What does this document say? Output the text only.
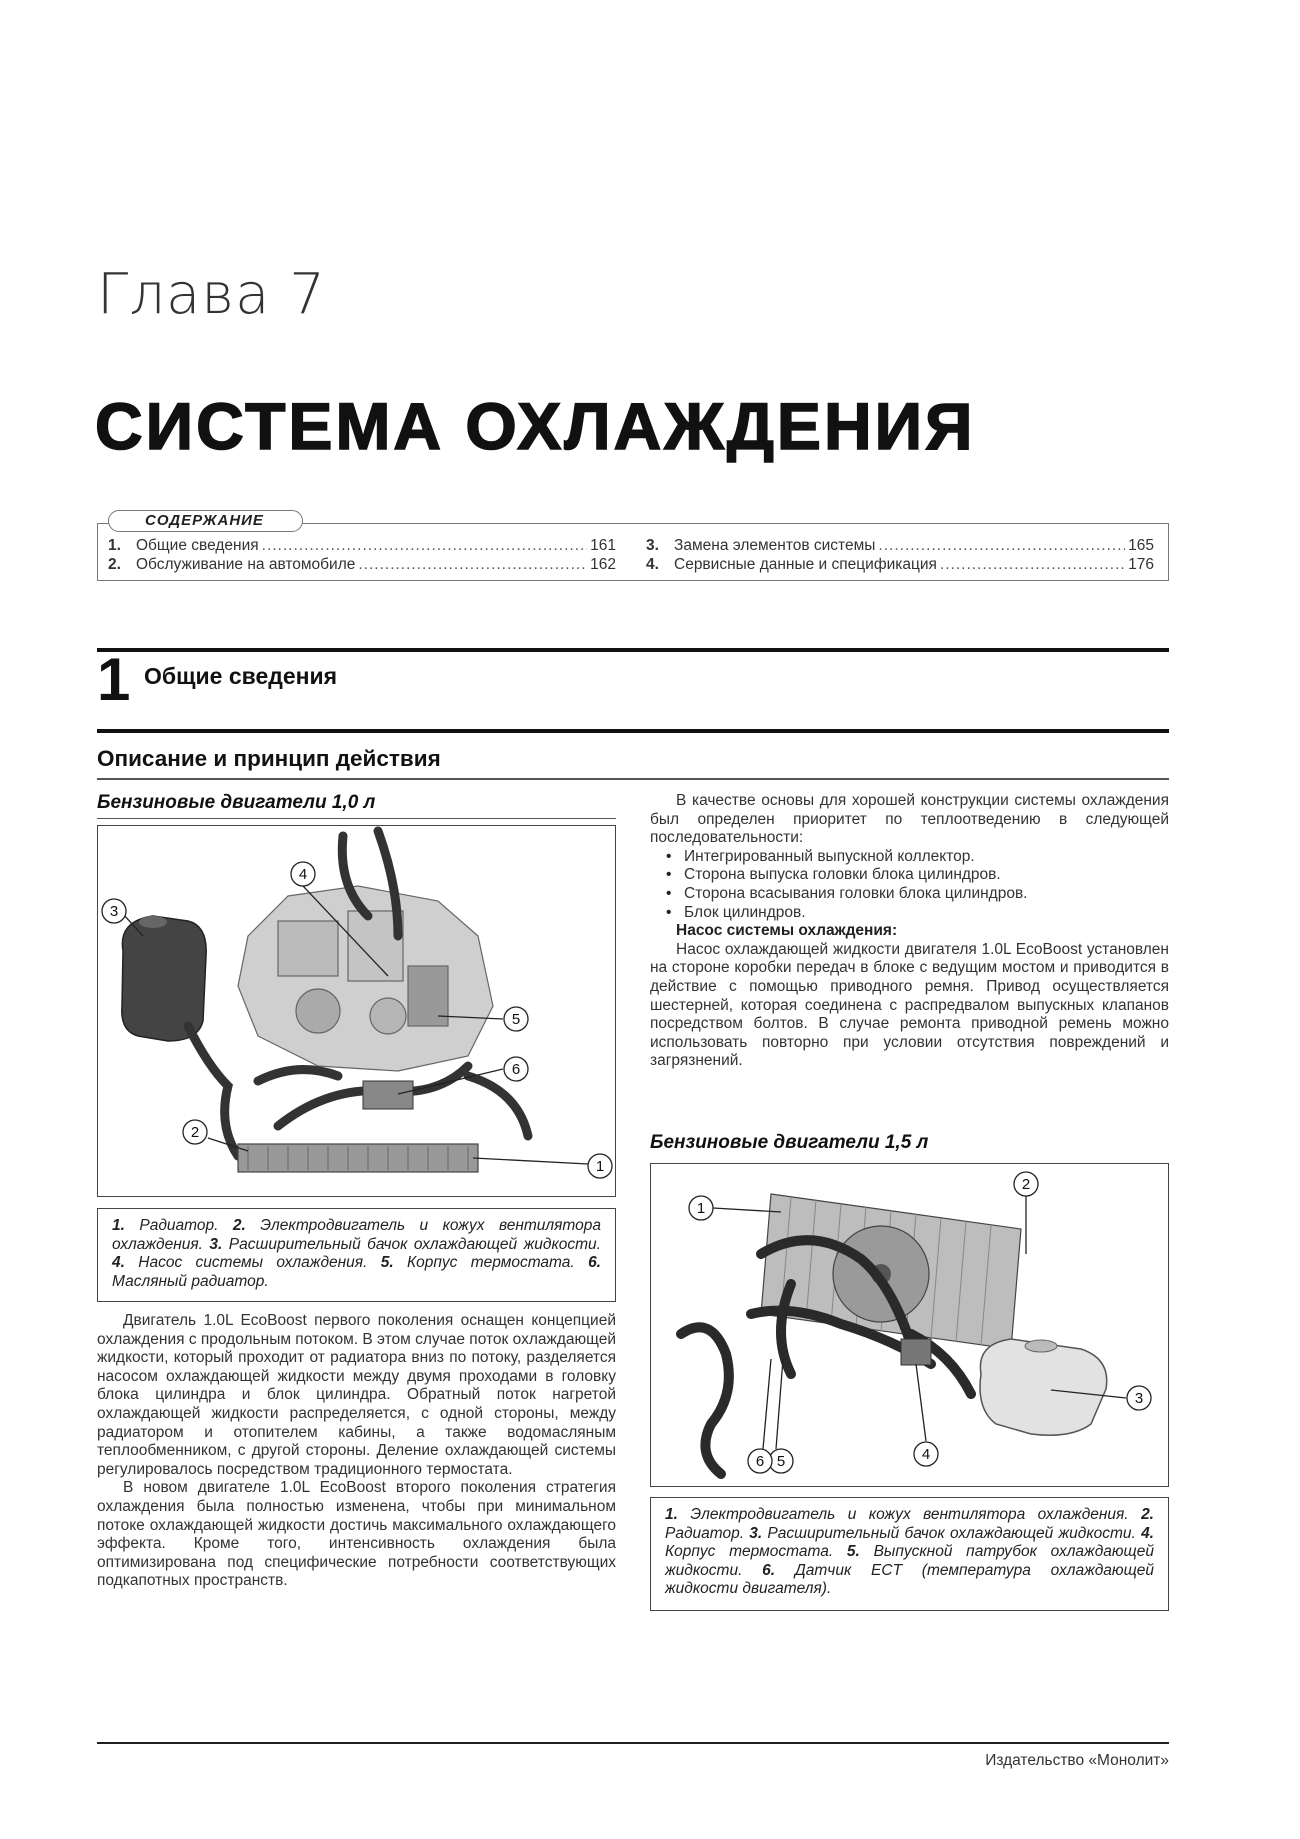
Глава 7
СИСТЕМА ОХЛАЖДЕНИЯ
СОДЕРЖАНИЕ
1. Общие сведения .....	161
2. Обслуживание на автомобиле .....	162
3. Замена элементов системы .....	165
4. Сервисные данные и спецификация .....	176
1 Общие сведения
Описание и принцип действия
Бензиновые двигатели 1,0 л
4
3
5
6
2
1
1. Радиатор. 2. Электродвигатель и кожух вентилятора охлаждения. 3. Расширительный бачок охлаждающей жидкости. 4. Насос системы охлаждения. 5. Корпус термостата. 6. Масляный радиатор.

Двигатель 1.0L EcoBoost первого поколения оснащен концепцией охлаждения с продольным потоком. В этом случае поток охлаждающей жидкости, который проходит от радиатора вниз по потоку, разделяется насосом охлаждающей жидкости между двумя проходами в головку блока цилиндра и блок цилиндра. Обратный поток нагретой охлаждающей жидкости распределяется, с одной стороны, между радиатором и отопителем кабины, а также водомасляным теплообменником, с другой стороны. Деление охлаждающей системы регулировалось посредством традиционного термостата.

В новом двигателе 1.0L EcoBoost второго поколения стратегия охлаждения была полностью изменена, чтобы при минимальном потоке охлаждающей жидкости достичь максимального охлаждающего эффекта. Кроме того, интенсивность охлаждения была оптимизирована под специфические потребности соответствующих подкапотных пространств.

В качестве основы для хорошей конструкции системы охлаждения был определен приоритет по теплоотведению в следующей последовательности:

• Интегрированный выпускной коллектор.
• Сторона выпуска головки блока цилиндров.
• Сторона всасывания головки блока цилиндров.
• Блок цилиндров.

Насос системы охлаждения:

Насос охлаждающей жидкости двигателя 1.0L EcoBoost установлен на стороне коробки передач в блоке с ведущим мостом и приводится в действие с помощью приводного ремня. Привод осуществляется шестерней, которая соединена с распредвалом выпускных клапанов посредством болтов. В случае ремонта приводной ремень можно использовать повторно при условии отсутствия повреждений и загрязнений.

Бензиновые двигатели 1,5 л
1
2
3
4
5
6
1. Электродвигатель и кожух вентилятора охлаждения. 2. Радиатор. 3. Расширительный бачок охлаждающей жидкости. 4. Корпус термостата. 5. Выпускной патрубок охлаждающей жидкости. 6. Датчик ECT (температура охлаждающей жидкости двигателя).
Издательство «Монолит»
